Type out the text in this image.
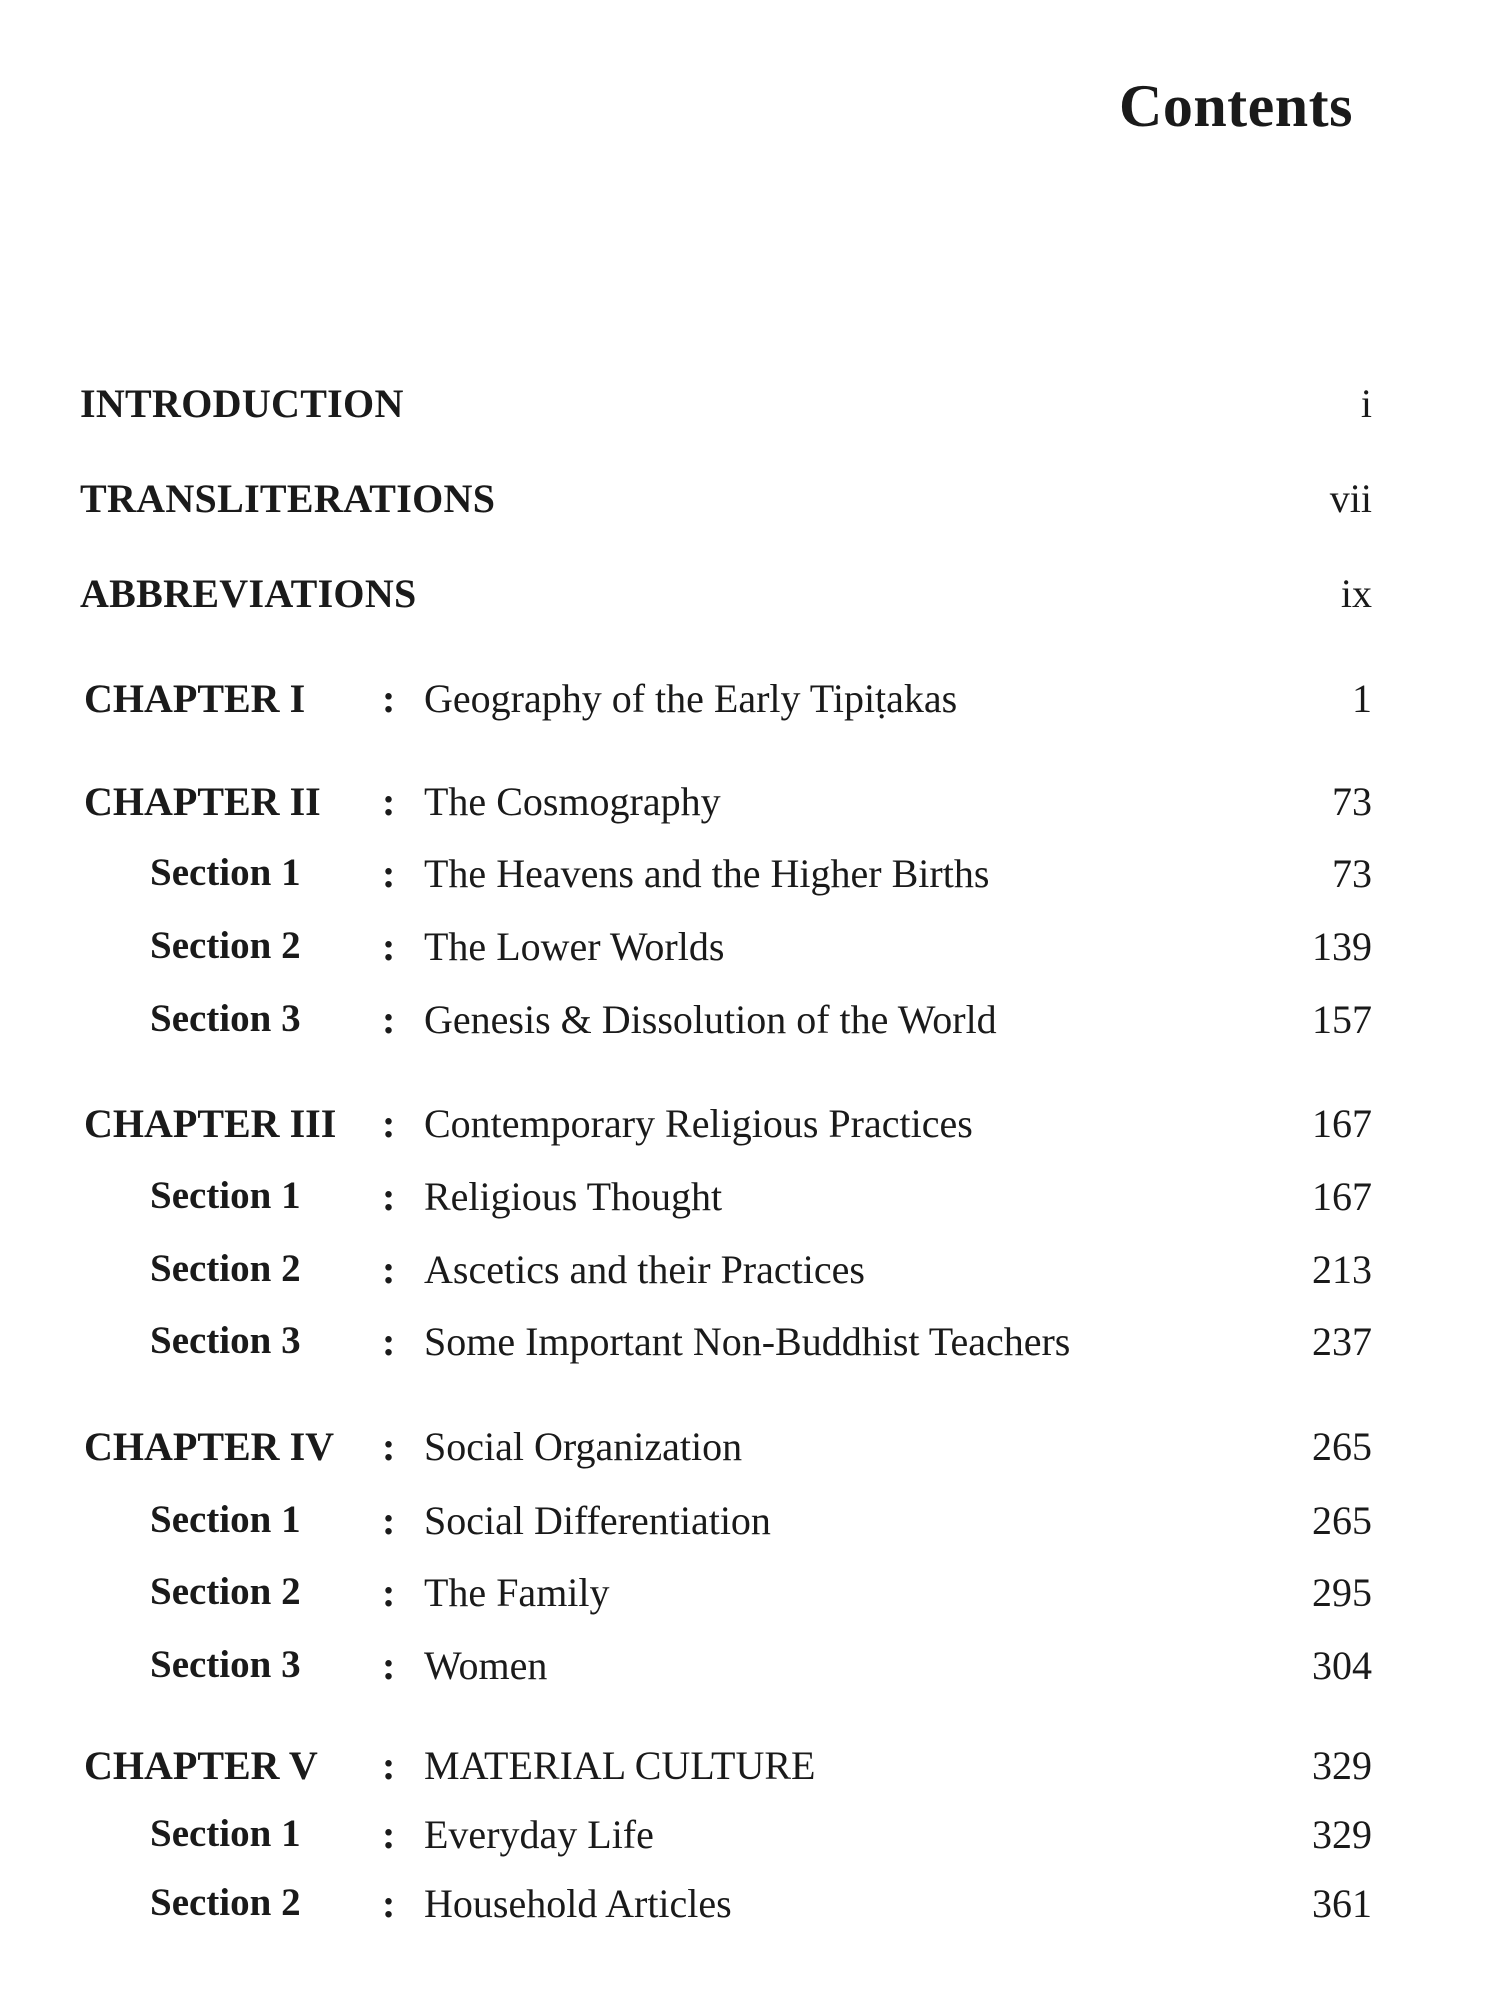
Contents
INTRODUCTION	i
TRANSLITERATIONS	vii
ABBREVIATIONS	ix
CHAPTER I : Geography of the Early Tipiṭakas	1
CHAPTER II : The Cosmography	73
Section 1 : The Heavens and the Higher Births	73
Section 2 : The Lower Worlds	139
Section 3 : Genesis & Dissolution of the World	157
CHAPTER III : Contemporary Religious Practices	167
Section 1 : Religious Thought	167
Section 2 : Ascetics and their Practices	213
Section 3 : Some Important Non-Buddhist Teachers	237
CHAPTER IV : Social Organization	265
Section 1 : Social Differentiation	265
Section 2 : The Family	295
Section 3 : Women	304
CHAPTER V : MATERIAL CULTURE	329
Section 1 : Everyday Life	329
Section 2 : Household Articles	361
